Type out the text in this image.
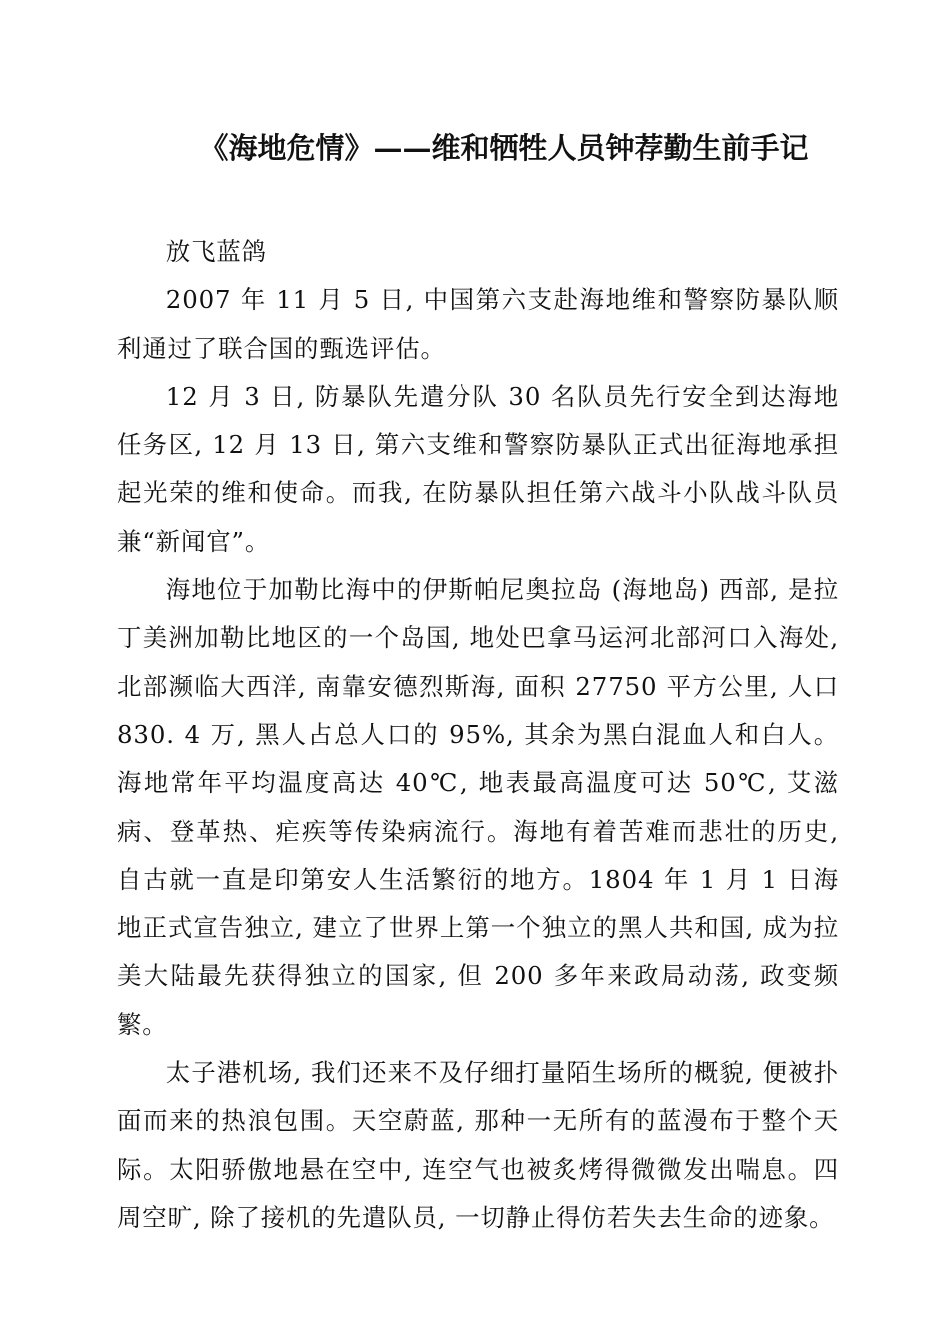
《海地危情》——维和牺牲人员钟荐勤生前手记

放飞蓝鸽

2007 年 11 月 5 日, 中国第六支赴海地维和警察防暴队顺利通过了联合国的甄选评估。

12 月 3 日, 防暴队先遣分队 30 名队员先行安全到达海地任务区, 12 月 13 日, 第六支维和警察防暴队正式出征海地承担起光荣的维和使命。而我, 在防暴队担任第六战斗小队战斗队员兼“新闻官”。

海地位于加勒比海中的伊斯帕尼奥拉岛 (海地岛) 西部, 是拉丁美洲加勒比地区的一个岛国, 地处巴拿马运河北部河口入海处, 北部濒临大西洋, 南靠安德烈斯海, 面积 27750 平方公里, 人口 830. 4 万, 黑人占总人口的 95%, 其余为黑白混血人和白人。海地常年平均温度高达 40℃, 地表最高温度可达 50℃, 艾滋病、登革热、疟疾等传染病流行。海地有着苦难而悲壮的历史, 自古就一直是印第安人生活繁衍的地方。1804 年 1 月 1 日海地正式宣告独立, 建立了世界上第一个独立的黑人共和国, 成为拉美大陆最先获得独立的国家, 但 200 多年来政局动荡, 政变频繁。

太子港机场, 我们还来不及仔细打量陌生场所的概貌, 便被扑面而来的热浪包围。天空蔚蓝, 那种一无所有的蓝漫布于整个天际。太阳骄傲地悬在空中, 连空气也被炙烤得微微发出喘息。四周空旷, 除了接机的先遣队员, 一切静止得仿若失去生命的迹象。
